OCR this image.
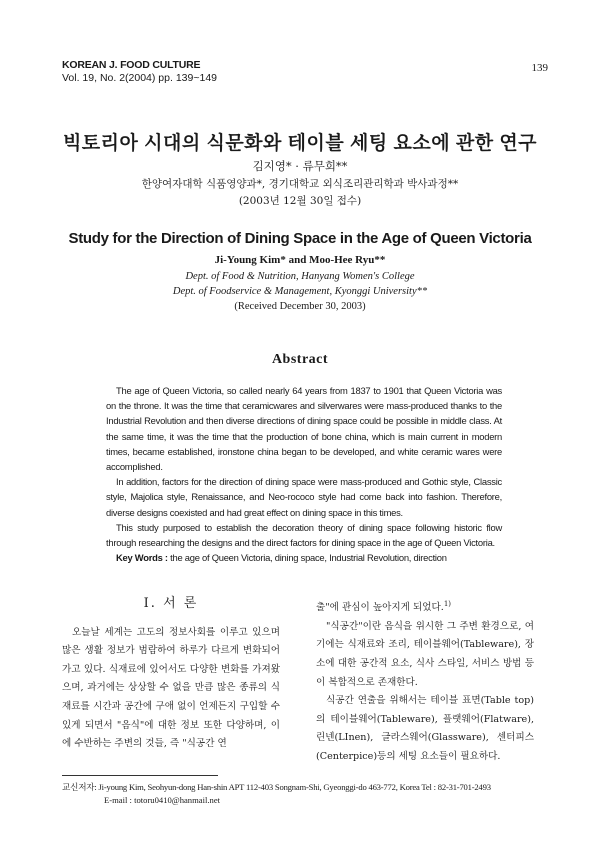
KOREAN J. FOOD CULTURE
Vol. 19, No. 2(2004) pp. 139~149
139
빅토리아 시대의 식문화와 테이블 세팅 요소에 관한 연구
김지영* · 류무희**
한양여자대학 식품영양과*, 경기대학교 외식조리관리학과 박사과정**
(2003년 12월 30일 접수)
Study for the Direction of Dining Space in the Age of Queen Victoria
Ji-Young Kim* and Moo-Hee Ryu**
Dept. of Food & Nutrition, Hanyang Women's College
Dept. of Foodservice & Management, Kyonggi University**
(Received December 30, 2003)
Abstract

The age of Queen Victoria, so called nearly 64 years from 1837 to 1901 that Queen Victoria was on the throne. It was the time that ceramicwares and silverwares were mass-produced thanks to the Industrial Revolution and then diverse directions of dining space could be possible in middle class. At the same time, it was the time that the production of bone china, which is main current in modern times, became established, ironstone china began to be developed, and white ceramic wares were accomplished.

In addition, factors for the direction of dining space were mass-produced and Gothic style, Classic style, Majolica style, Renaissance, and Neo-rococo style had come back into fashion. Therefore, diverse designs coexisted and had great effect on dining space in this times.

This study purposed to establish the decoration theory of dining space following historic flow through researching the designs and the direct factors for dining space in the age of Queen Victoria.

Key Words : the age of Queen Victoria, dining space, Industrial Revolution, direction

I. 서 론

오늘날 세계는 고도의 정보사회를 이루고 있으며 많은 생활 정보가 범람하여 하루가 다르게 변화되어 가고 있다. 식재료에 있어서도 다양한 변화를 가져왔으며, 과거에는 상상할 수 없을 만큼 많은 종류의 식재료를 시간과 공간에 구애 없이 언제든지 구입할 수 있게 되면서 "음식"에 대한 정보 또한 다양하며, 이에 수반하는 주변의 것들, 즉 "식공간 연

출"에 관심이 높아지게 되었다.$^{1)}$

"식공간"이란 음식을 위시한 그 주변 환경으로, 여기에는 식재료와 조리, 테이블웨어(Tableware), 장소에 대한 공간적 요소, 식사 스타일, 서비스 방법 등이 복합적으로 존재한다.

식공간 연출을 위해서는 테이블 표면(Table top)의 테이블웨어(Tableware), 플랫웨어(Flatware), 린넨(LInen), 글라스웨어(Glassware), 센터피스(Centerpice)등의 세팅 요소들이 필요하다.

교신저자: Ji-young Kim, Seohyun-dong Han-shin APT 112-403 Songnam-Shi, Gyeonggi-do 463-772, Korea Tel : 82-31-701-2493
E-mail : totoru0410@hanmail.net
